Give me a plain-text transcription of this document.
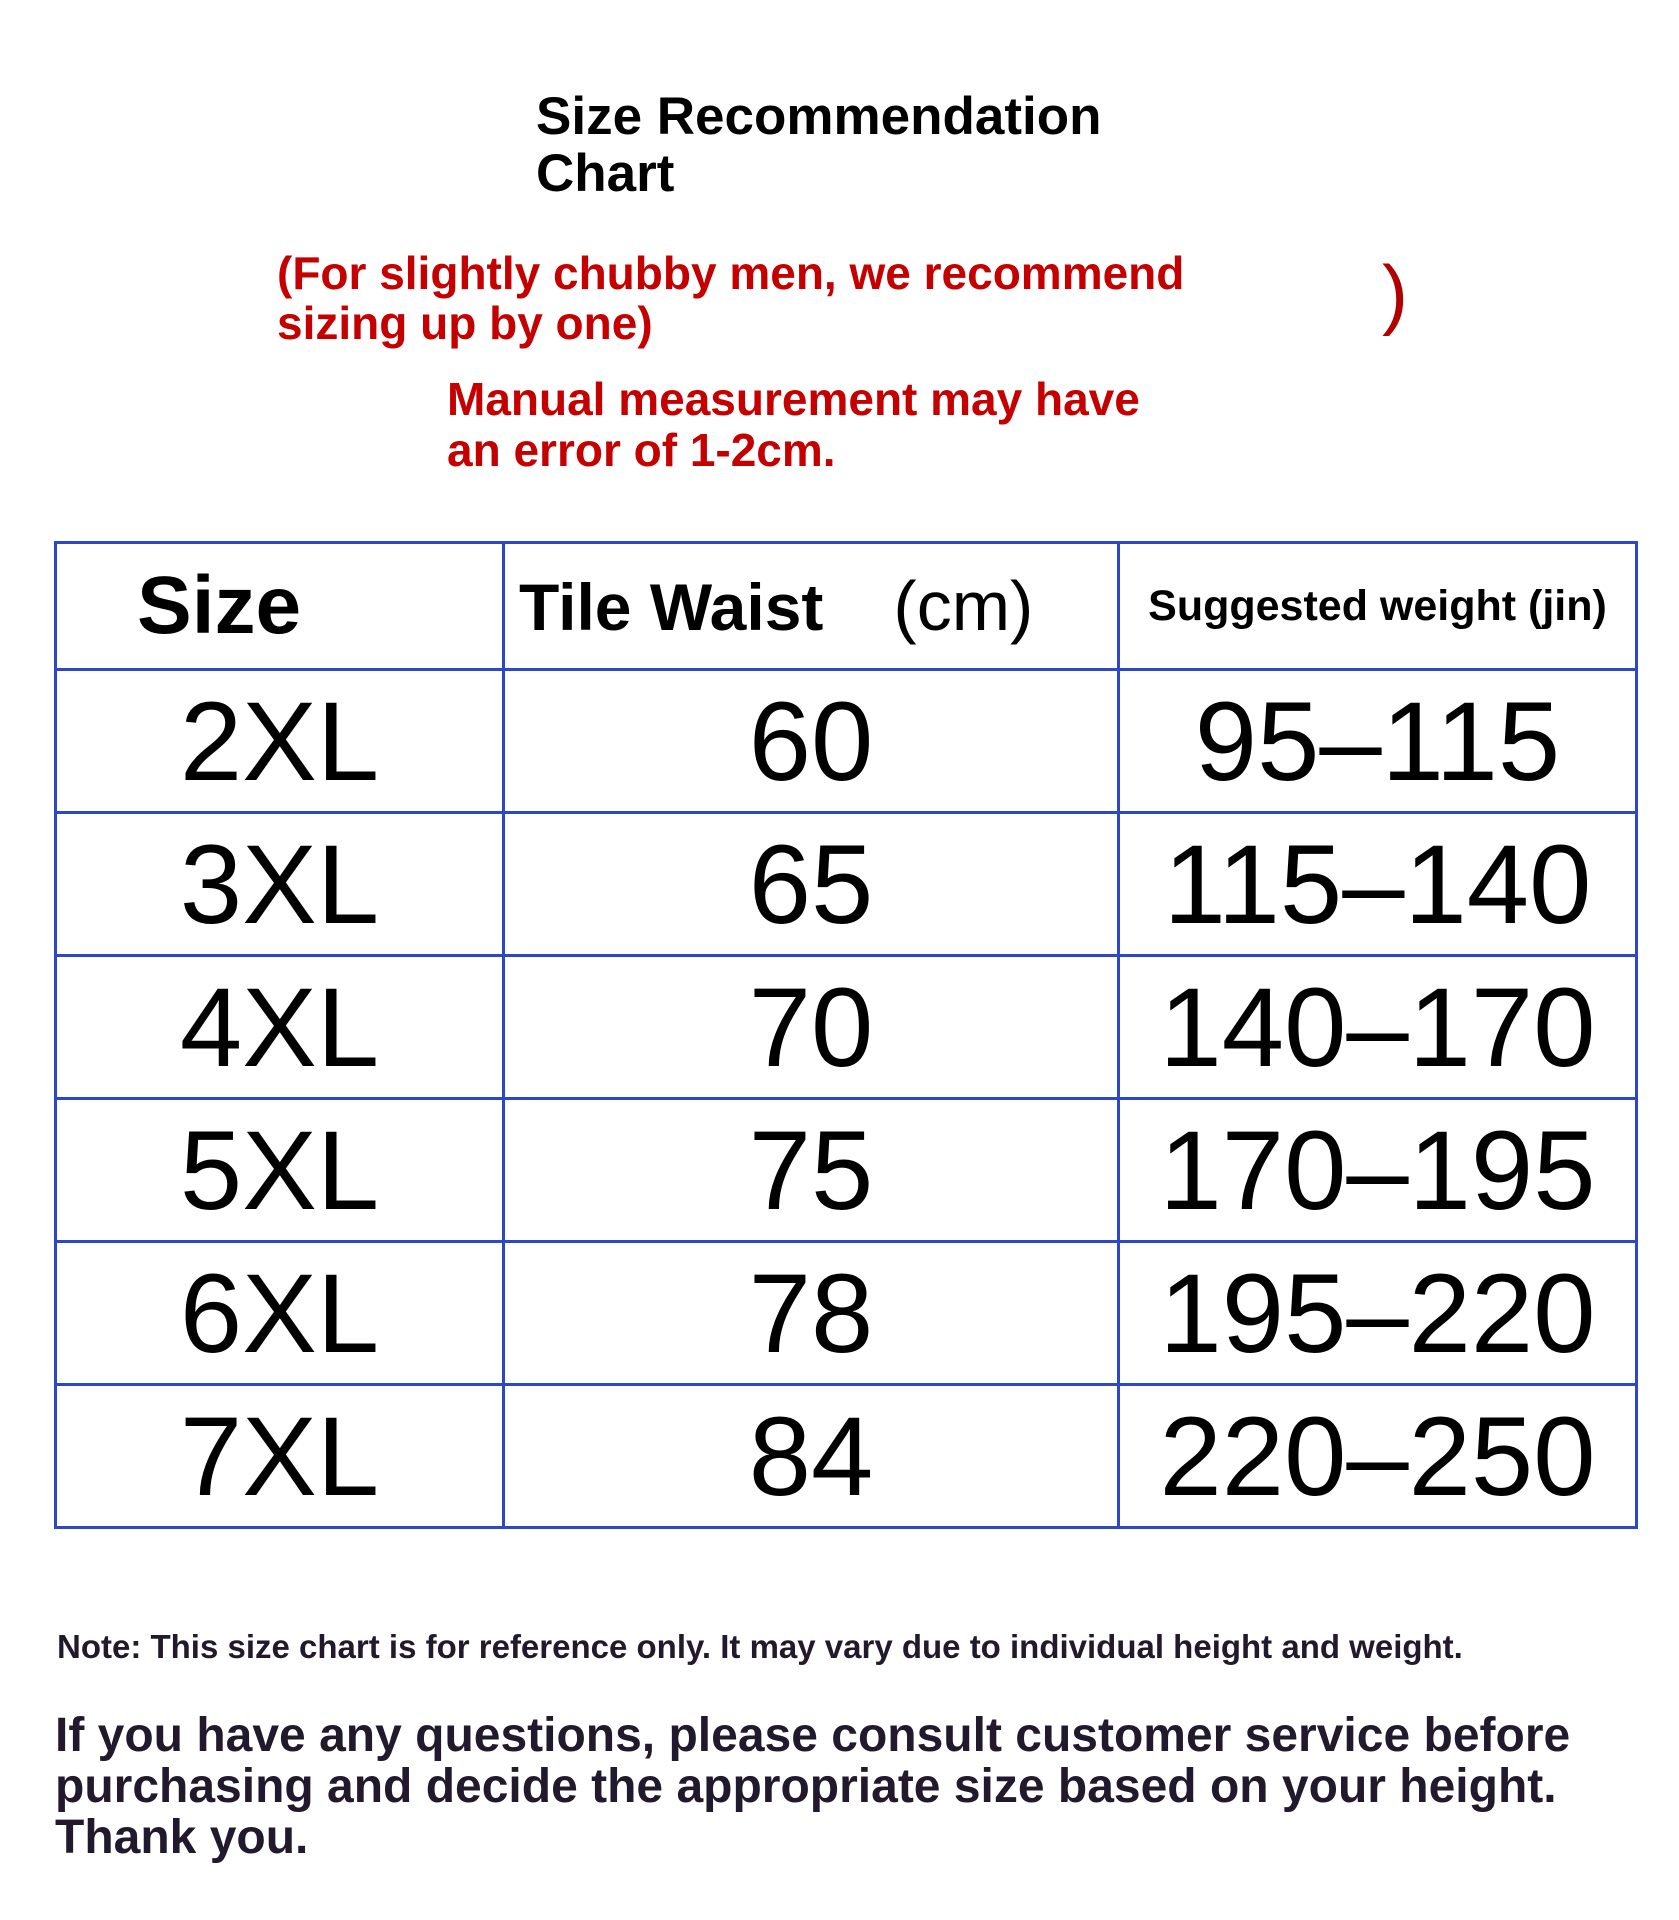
Size Recommendation
Chart
(For slightly chubby men, we recommend
sizing up by one)	)
Manual measurement may have
an error of 1-2cm.
Size	Tile Waist (cm)	Suggested weight (jin)
2XL	60	95–115
3XL	65	115–140
4XL	70	140–170
5XL	75	170–195
6XL	78	195–220
7XL	84	220–250
Note: This size chart is for reference only. It may vary due to individual height and weight.
If you have any questions, please consult customer service before purchasing and decide the appropriate size based on your height. Thank you.
